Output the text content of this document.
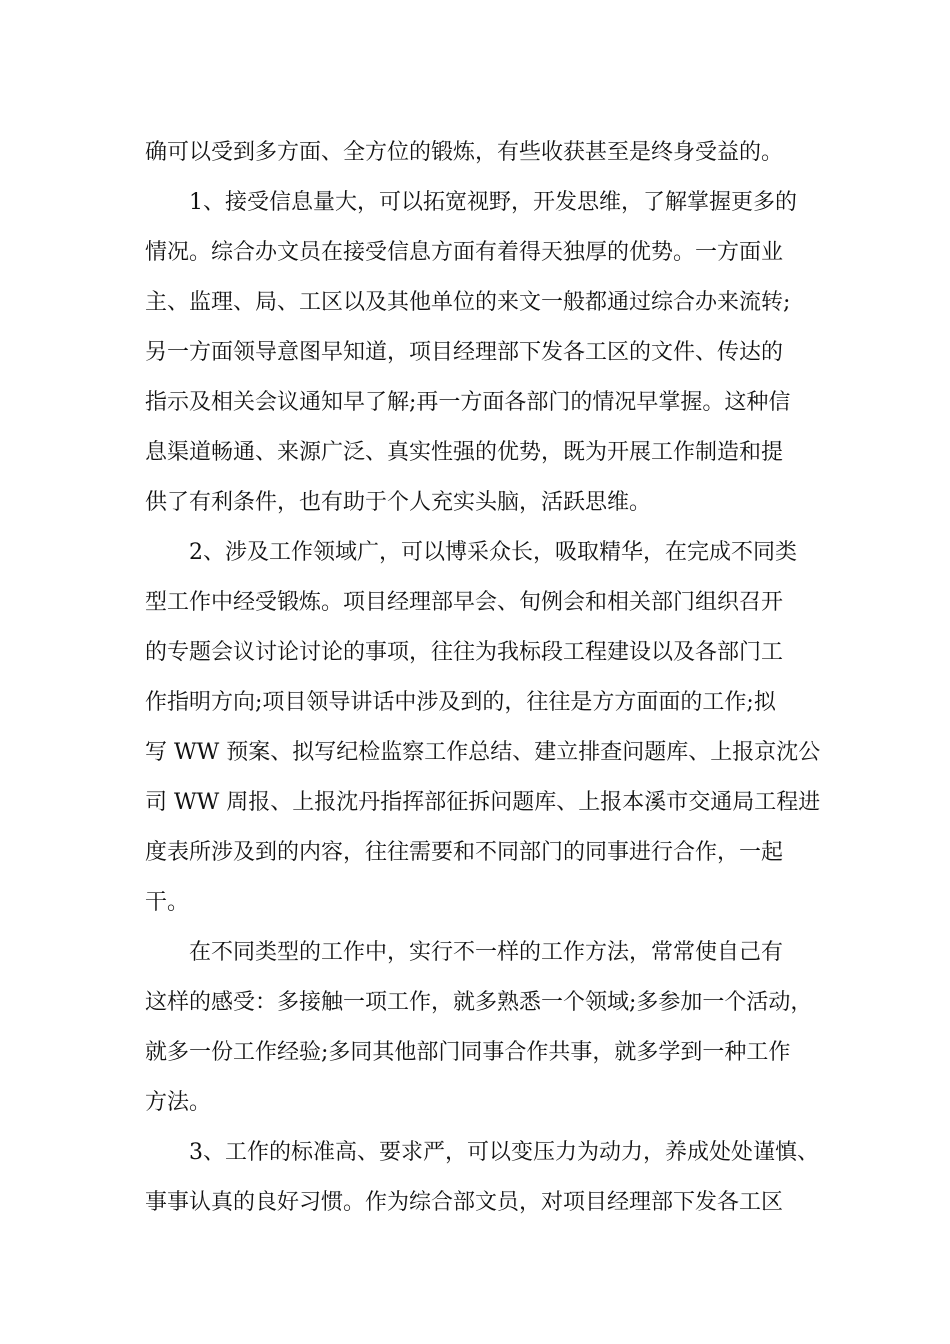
确可以受到多方面、全方位的锻炼，有些收获甚至是终身受益的。
1、接受信息量大，可以拓宽视野，开发思维，了解掌握更多的
情况。综合办文员在接受信息方面有着得天独厚的优势。一方面业
主、监理、局、工区以及其他单位的来文一般都通过综合办来流转;
另一方面领导意图早知道，项目经理部下发各工区的文件、传达的
指示及相关会议通知早了解;再一方面各部门的情况早掌握。这种信
息渠道畅通、来源广泛、真实性强的优势，既为开展工作制造和提
供了有利条件，也有助于个人充实头脑，活跃思维。
2、涉及工作领域广，可以博采众长，吸取精华，在完成不同类
型工作中经受锻炼。项目经理部早会、旬例会和相关部门组织召开
的专题会议讨论讨论的事项，往往为我标段工程建设以及各部门工
作指明方向;项目领导讲话中涉及到的，往往是方方面面的工作;拟
写 WW 预案、拟写纪检监察工作总结、建立排查问题库、上报京沈公
司 WW 周报、上报沈丹指挥部征拆问题库、上报本溪市交通局工程进
度表所涉及到的内容，往往需要和不同部门的同事进行合作，一起
干。
在不同类型的工作中，实行不一样的工作方法，常常使自己有
这样的感受：多接触一项工作，就多熟悉一个领域;多参加一个活动，
就多一份工作经验;多同其他部门同事合作共事，就多学到一种工作
方法。
3、工作的标准高、要求严，可以变压力为动力，养成处处谨慎、
事事认真的良好习惯。作为综合部文员，对项目经理部下发各工区
